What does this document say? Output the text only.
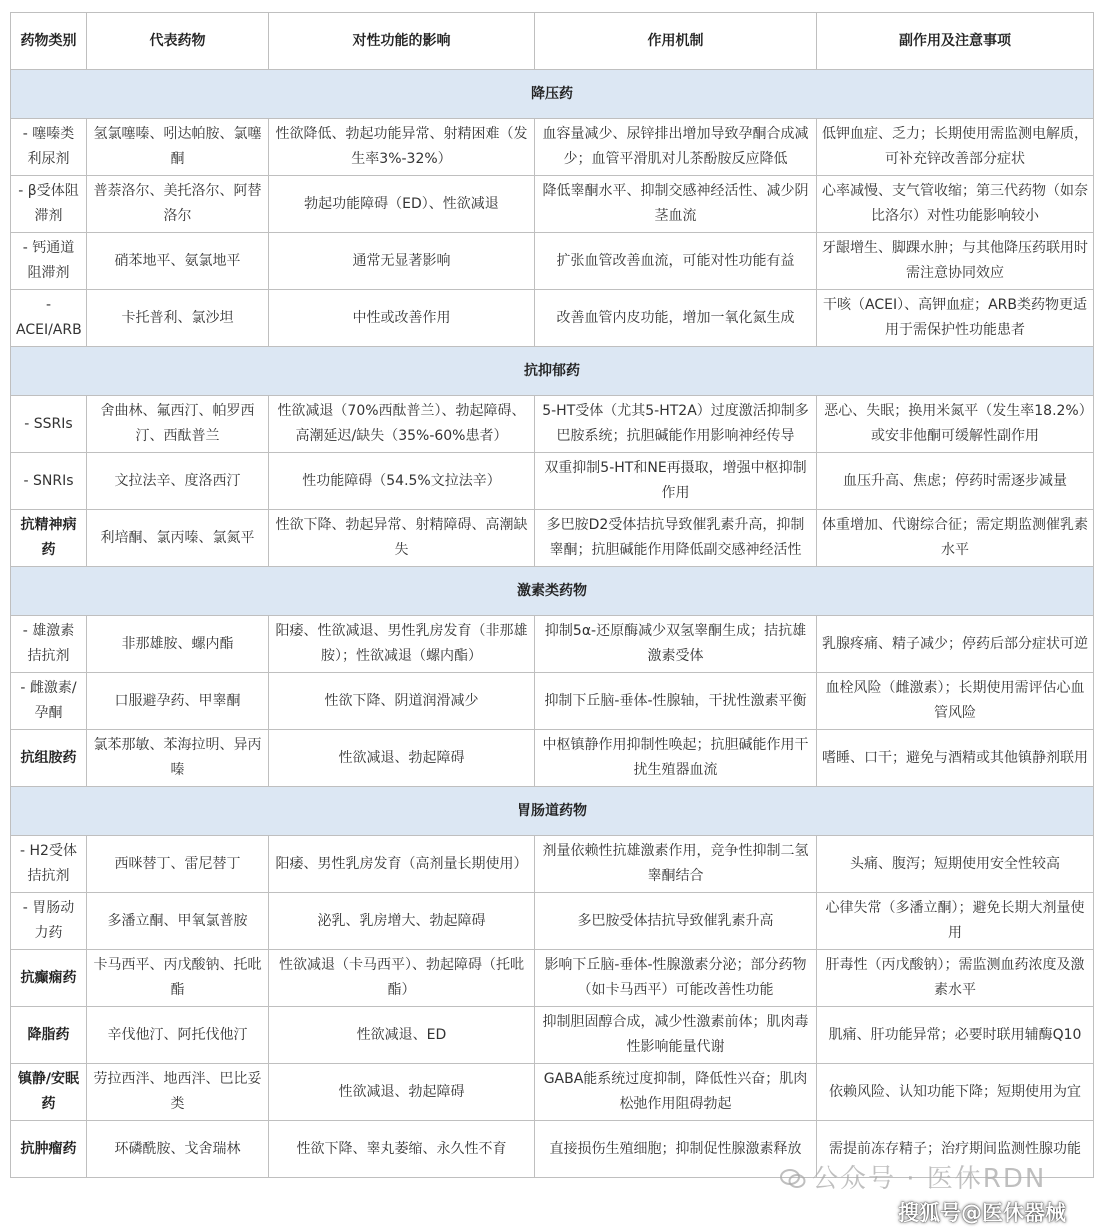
药物类别	代表药物	对性功能的影响	作用机制	副作用及注意事项
降压药				
- 噻嗪类利尿剂	氢氯噻嗪、吲达帕胺、氯噻酮	性欲降低、勃起功能异常、射精困难（发生率3%-32%）	血容量减少、尿锌排出增加导致孕酮合成减少；血管平滑肌对儿茶酚胺反应降低	低钾血症、乏力；长期使用需监测电解质，可补充锌改善部分症状
- β受体阻滞剂	普萘洛尔、美托洛尔、阿替洛尔	勃起功能障碍（ED）、性欲减退	降低睾酮水平、抑制交感神经活性、减少阴茎血流	心率减慢、支气管收缩；第三代药物（如奈比洛尔）对性功能影响较小
- 钙通道阻滞剂	硝苯地平、氨氯地平	通常无显著影响	扩张血管改善血流，可能对性功能有益	牙龈增生、脚踝水肿；与其他降压药联用时需注意协同效应
- ACEI/ARB	卡托普利、氯沙坦	中性或改善作用	改善血管内皮功能，增加一氧化氮生成	干咳（ACEI）、高钾血症；ARB类药物更适用于需保护性功能患者
抗抑郁药				
- SSRIs	舍曲林、氟西汀、帕罗西汀、西酞普兰	性欲减退（70%西酞普兰）、勃起障碍、高潮延迟/缺失（35%-60%患者）	5-HT受体（尤其5-HT2A）过度激活抑制多巴胺系统；抗胆碱能作用影响神经传导	恶心、失眠；换用米氮平（发生率18.2%）或安非他酮可缓解性副作用
- SNRIs	文拉法辛、度洛西汀	性功能障碍（54.5%文拉法辛）	双重抑制5-HT和NE再摄取，增强中枢抑制作用	血压升高、焦虑；停药时需逐步减量
抗精神病药	利培酮、氯丙嗪、氯氮平	性欲下降、勃起异常、射精障碍、高潮缺失	多巴胺D2受体拮抗导致催乳素升高，抑制睾酮；抗胆碱能作用降低副交感神经活性	体重增加、代谢综合征；需定期监测催乳素水平
激素类药物				
- 雄激素拮抗剂	非那雄胺、螺内酯	阳痿、性欲减退、男性乳房发育（非那雄胺）；性欲减退（螺内酯）	抑制5α-还原酶减少双氢睾酮生成；拮抗雄激素受体	乳腺疼痛、精子减少；停药后部分症状可逆
- 雌激素/孕酮	口服避孕药、甲睾酮	性欲下降、阴道润滑减少	抑制下丘脑-垂体-性腺轴，干扰性激素平衡	血栓风险（雌激素）；长期使用需评估心血管风险
抗组胺药	氯苯那敏、苯海拉明、异丙嗪	性欲减退、勃起障碍	中枢镇静作用抑制性唤起；抗胆碱能作用干扰生殖器血流	嗜睡、口干；避免与酒精或其他镇静剂联用
胃肠道药物				
- H2受体拮抗剂	西咪替丁、雷尼替丁	阳痿、男性乳房发育（高剂量长期使用）	剂量依赖性抗雄激素作用，竞争性抑制二氢睾酮结合	头痛、腹泻；短期使用安全性较高
- 胃肠动力药	多潘立酮、甲氧氯普胺	泌乳、乳房增大、勃起障碍	多巴胺受体拮抗导致催乳素升高	心律失常（多潘立酮）；避免长期大剂量使用
抗癫痫药	卡马西平、丙戊酸钠、托吡酯	性欲减退（卡马西平）、勃起障碍（托吡酯）	影响下丘脑-垂体-性腺激素分泌；部分药物（如卡马西平）可能改善性功能	肝毒性（丙戊酸钠）；需监测血药浓度及激素水平
降脂药	辛伐他汀、阿托伐他汀	性欲减退、ED	抑制胆固醇合成，减少性激素前体；肌肉毒性影响能量代谢	肌痛、肝功能异常；必要时联用辅酶Q10
镇静/安眠药	劳拉西泮、地西泮、巴比妥类	性欲减退、勃起障碍	GABA能系统过度抑制，降低性兴奋；肌肉松弛作用阻碍勃起	依赖风险、认知功能下降；短期使用为宜
抗肿瘤药	环磷酰胺、戈舍瑞林	性欲下降、睾丸萎缩、永久性不育	直接损伤生殖细胞；抑制促性腺激素释放	需提前冻存精子；治疗期间监测性腺功能
公众号 · 医休RDN
搜狐号@医休器械
